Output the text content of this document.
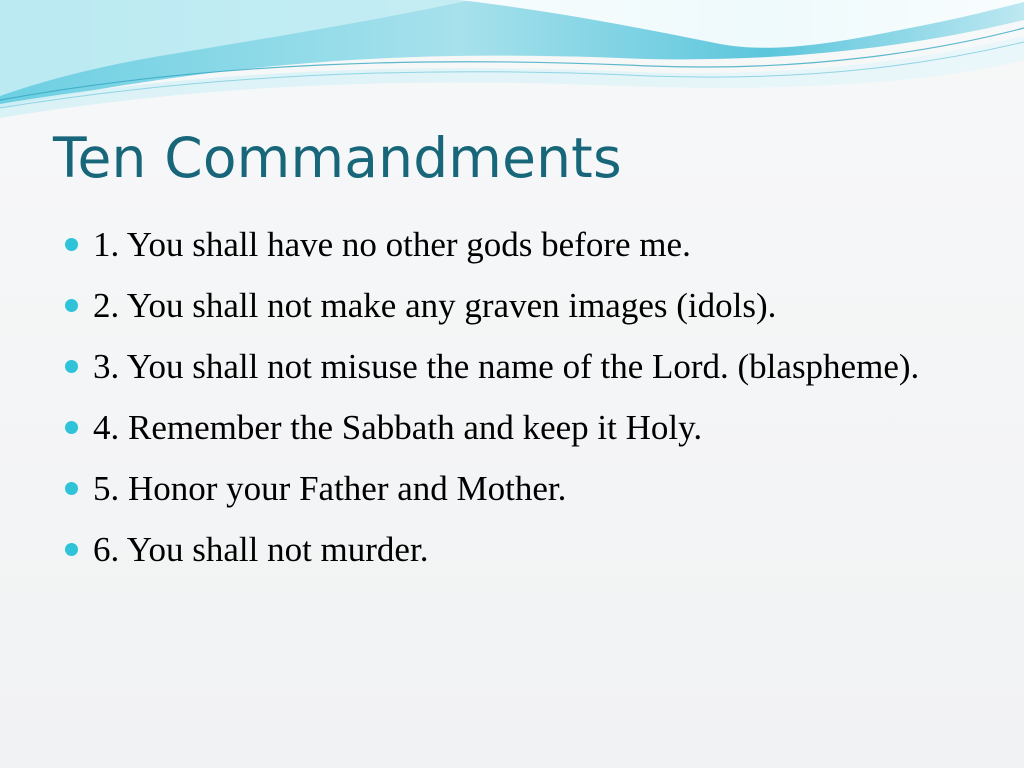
Ten Commandments
1. You shall have no other gods before me.
2. You shall not make any graven images (idols).
3. You shall not misuse the name of the Lord. (blaspheme).
4. Remember the Sabbath and keep it Holy.
5. Honor your Father and Mother.
6. You shall not murder.
